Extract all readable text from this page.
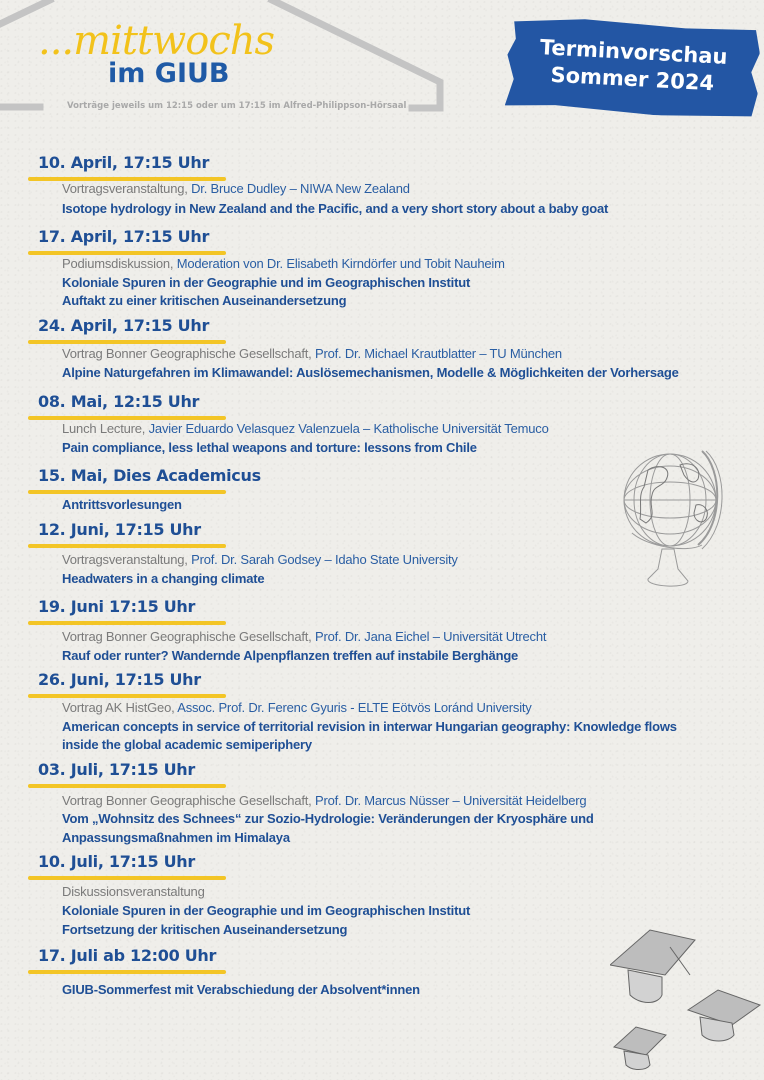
...mittwochs
im GIUB
Vorträge jeweils um 12:15 oder um 17:15 im Alfred-Philippson-Hörsaal
Terminvorschau
Sommer 2024
10. April, 17:15 Uhr
Vortragsveranstaltung, Dr. Bruce Dudley – NIWA New Zealand
Isotope hydrology in New Zealand and the Pacific, and a very short story about a baby goat
17. April, 17:15 Uhr
Podiumsdiskussion, Moderation von Dr. Elisabeth Kirndörfer und Tobit Nauheim
Koloniale Spuren in der Geographie und im Geographischen Institut
Auftakt zu einer kritischen Auseinandersetzung
24. April, 17:15 Uhr
Vortrag Bonner Geographische Gesellschaft, Prof. Dr. Michael Krautblatter – TU München
Alpine Naturgefahren im Klimawandel: Auslösemechanismen, Modelle & Möglichkeiten der Vorhersage
08. Mai, 12:15 Uhr
Lunch Lecture, Javier Eduardo Velasquez Valenzuela – Katholische Universität Temuco
Pain compliance, less lethal weapons and torture: lessons from Chile
15. Mai, Dies Academicus
Antrittsvorlesungen
12. Juni, 17:15 Uhr
Vortragsveranstaltung, Prof. Dr. Sarah Godsey – Idaho State University
Headwaters in a changing climate
19. Juni 17:15 Uhr
Vortrag Bonner Geographische Gesellschaft, Prof. Dr. Jana Eichel – Universität Utrecht
Rauf oder runter? Wandernde Alpenpflanzen treffen auf instabile Berghänge
26. Juni, 17:15 Uhr
Vortrag AK HistGeo, Assoc. Prof. Dr. Ferenc Gyuris - ELTE Eötvös Loránd University
American concepts in service of territorial revision in interwar Hungarian geography: Knowledge flows
inside the global academic semiperiphery
03. Juli, 17:15 Uhr
Vortrag Bonner Geographische Gesellschaft, Prof. Dr. Marcus Nüsser – Universität Heidelberg
Vom „Wohnsitz des Schnees“ zur Sozio-Hydrologie: Veränderungen der Kryosphäre und
Anpassungsmaßnahmen im Himalaya
10. Juli, 17:15 Uhr
Diskussionsveranstaltung
Koloniale Spuren in der Geographie und im Geographischen Institut
Fortsetzung der kritischen Auseinandersetzung
17. Juli ab 12:00 Uhr
GIUB-Sommerfest mit Verabschiedung der Absolvent*innen
